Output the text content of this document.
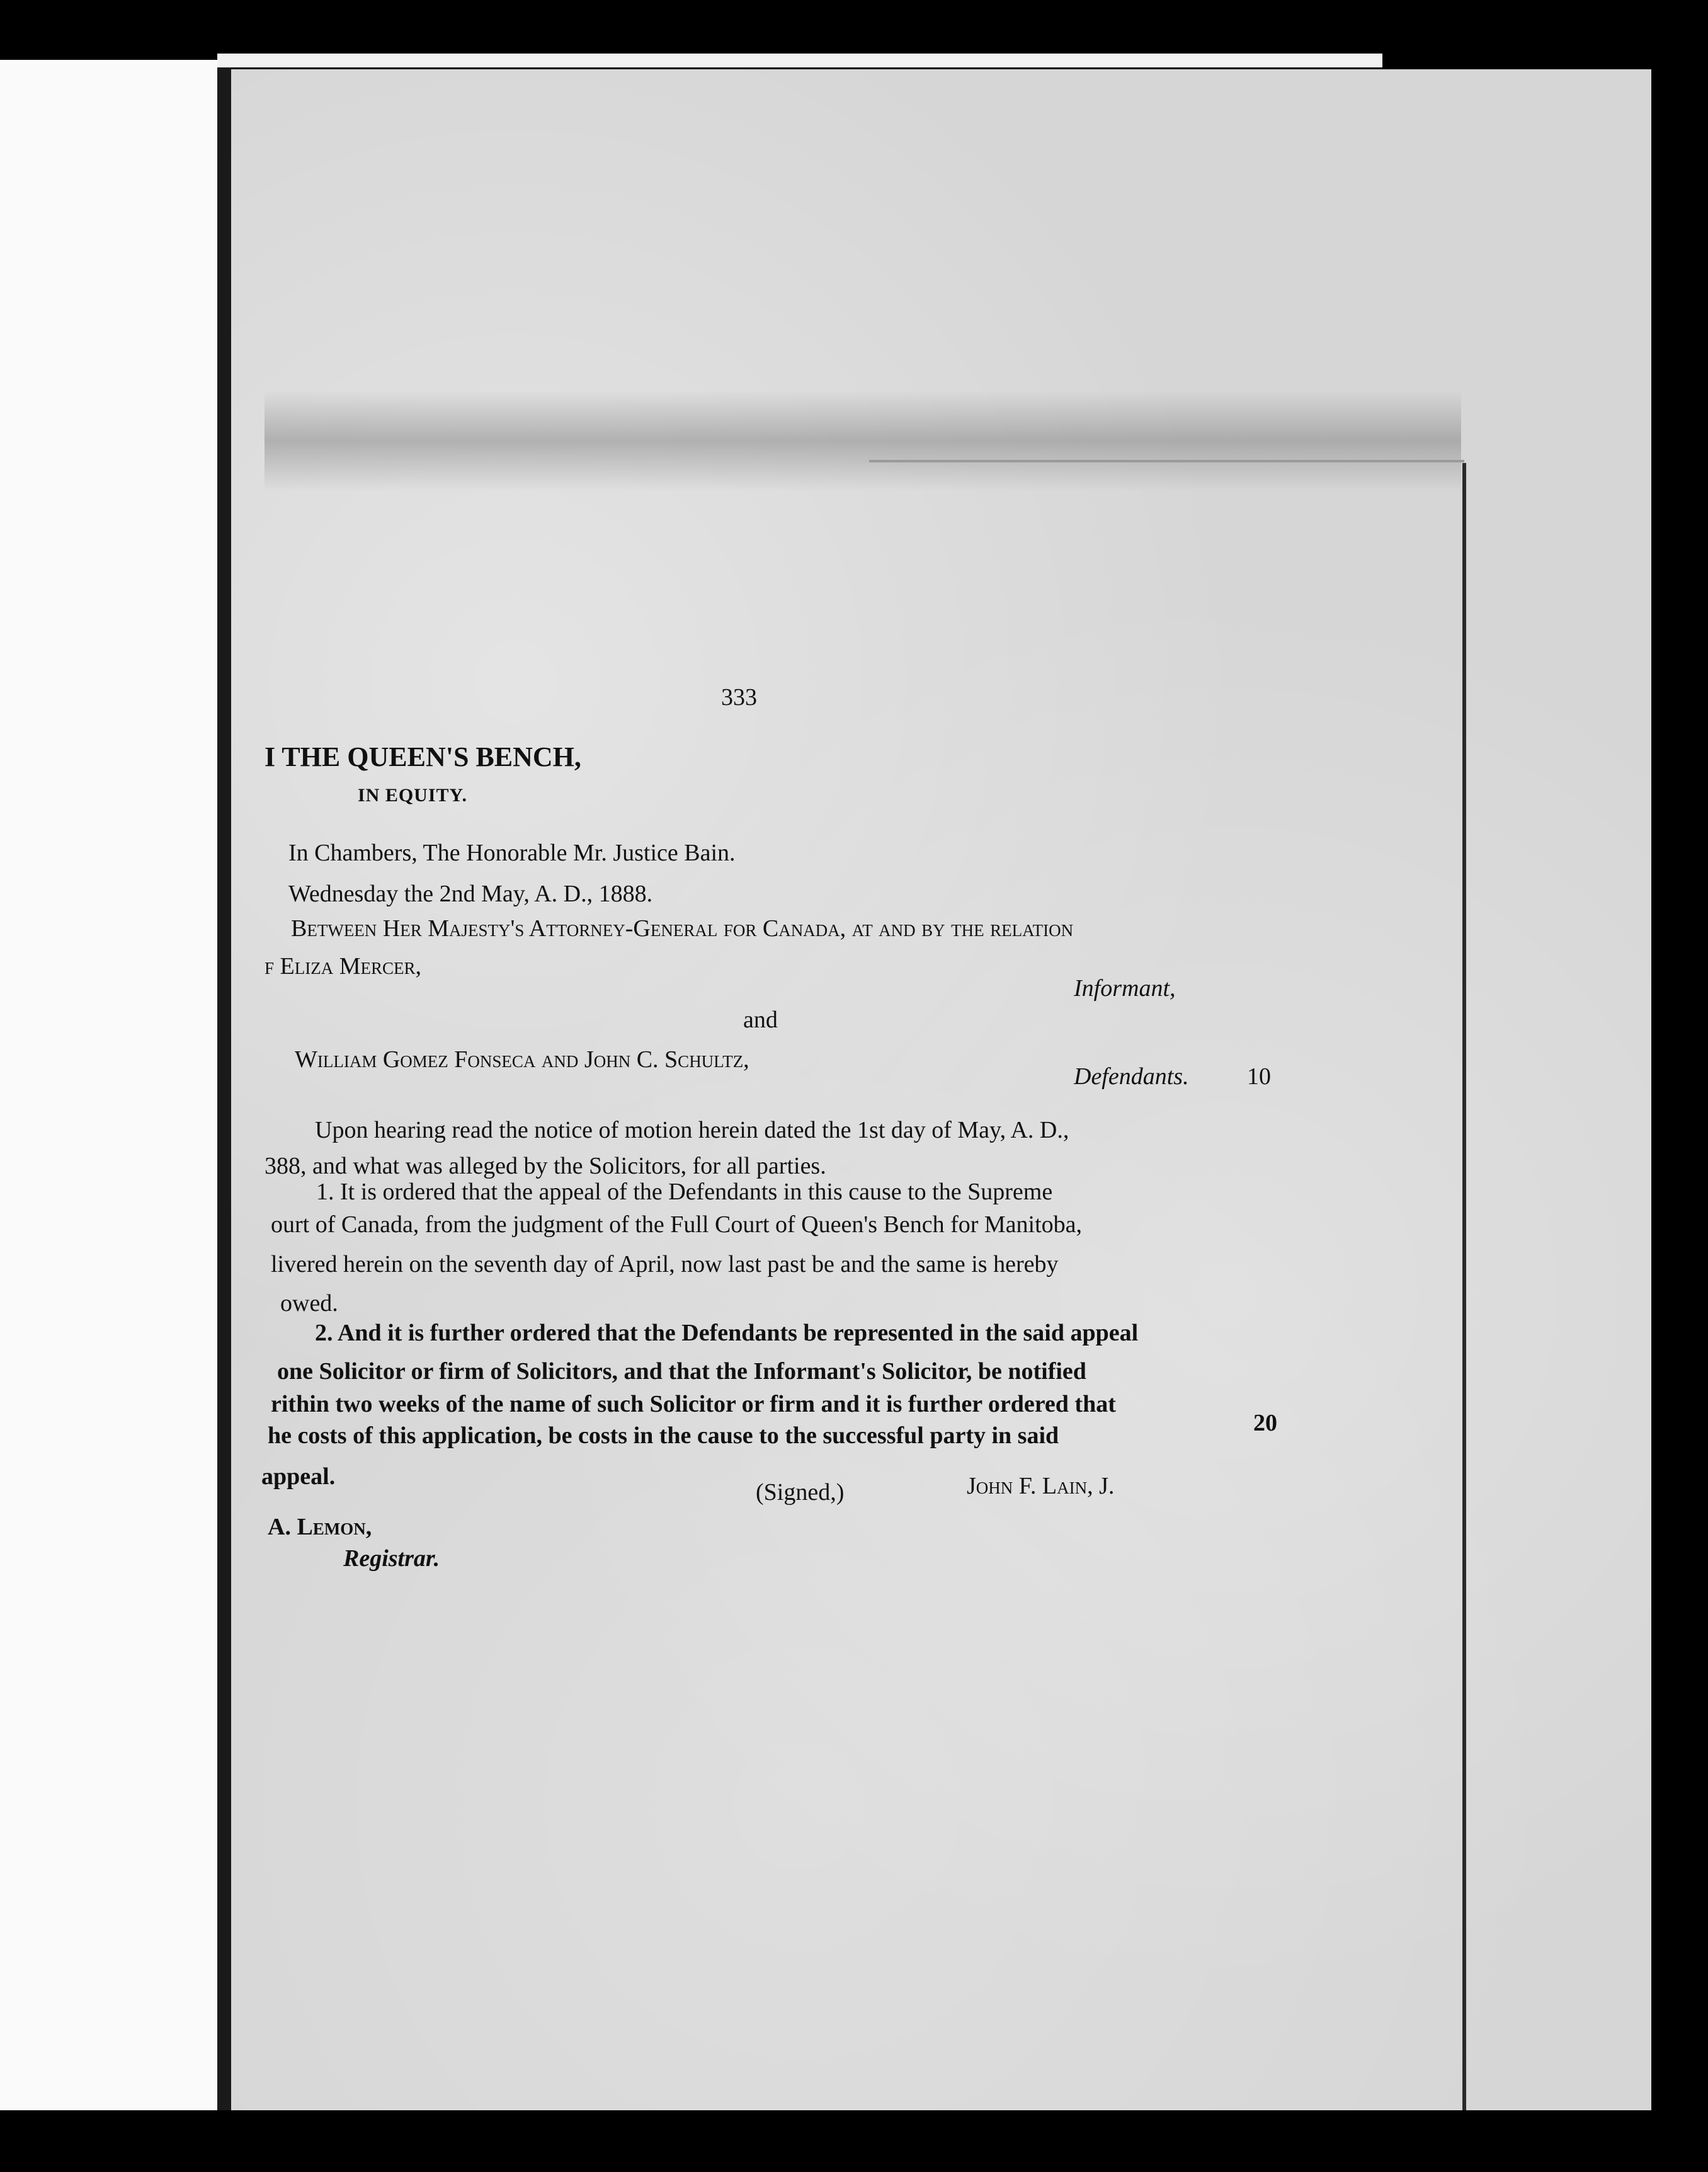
333
I THE QUEEN'S BENCH,
IN EQUITY.
In Chambers, The Honorable Mr. Justice Bain.
Wednesday the 2nd May, A. D., 1888.
Between Her Majesty's Attorney-General for Canada, at and by the relation
f Eliza Mercer,
Informant,
and
William Gomez Fonseca and John C. Schultz,
Defendants. 10
Upon hearing read the notice of motion herein dated the 1st day of May, A. D.,
388, and what was alleged by the Solicitors, for all parties.
1. It is ordered that the appeal of the Defendants in this cause to the Supreme
ourt of Canada, from the judgment of the Full Court of Queen's Bench for Manitoba,
livered herein on the seventh day of April, now last past be and the same is hereby
owed.
2. And it is further ordered that the Defendants be represented in the said appeal
one Solicitor or firm of Solicitors, and that the Informant's Solicitor, be notified
rithin two weeks of the name of such Solicitor or firm and it is further ordered that
he costs of this application, be costs in the cause to the successful party in said
appeal.
20
(Signed,)	John F. Lain, J.
A. Lemon,
Registrar.
